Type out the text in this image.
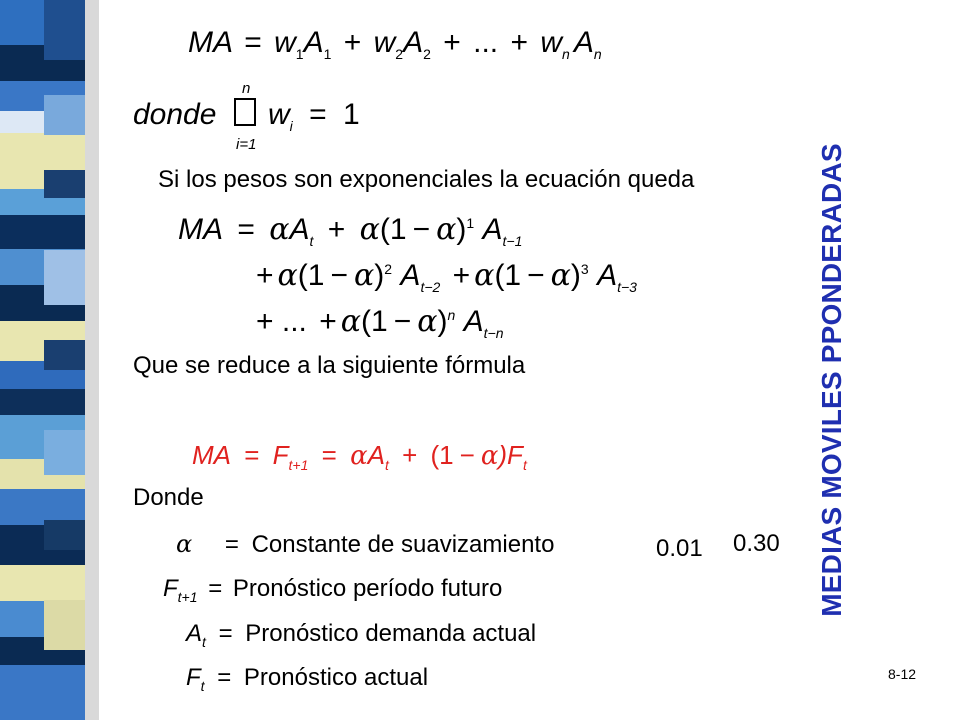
MA = $w_1A_1 + w_2A_2$ + ... + $w_n$ $A_n$
n
donde $w_i = 1$
i=1
Si los pesos son exponenciales la ecuación queda
MA = $\alpha A_t + \alpha(1 - \alpha)^1$ $A_{t-1}$
+ $\alpha(1 - \alpha)^2$ $A_{t-2} + \alpha(1 - \alpha)^3$ $A_{t-3}$
+ ... + $\alpha(1 - \alpha)^n$ $A_{t-n}$
Que se reduce a la siguiente fórmula
MA = $F_{t+1} = \alpha A_t + (1 - \alpha)F_t$
Donde
α = Constante de suavizamiento
$F_{t+1}$ = Pronóstico período futuro
$A_t$ = Pronóstico demanda actual
$F_t$ = Pronóstico actual
0.01 0.30 MEDIAS MOVILES PPONDERADAS
8-12
